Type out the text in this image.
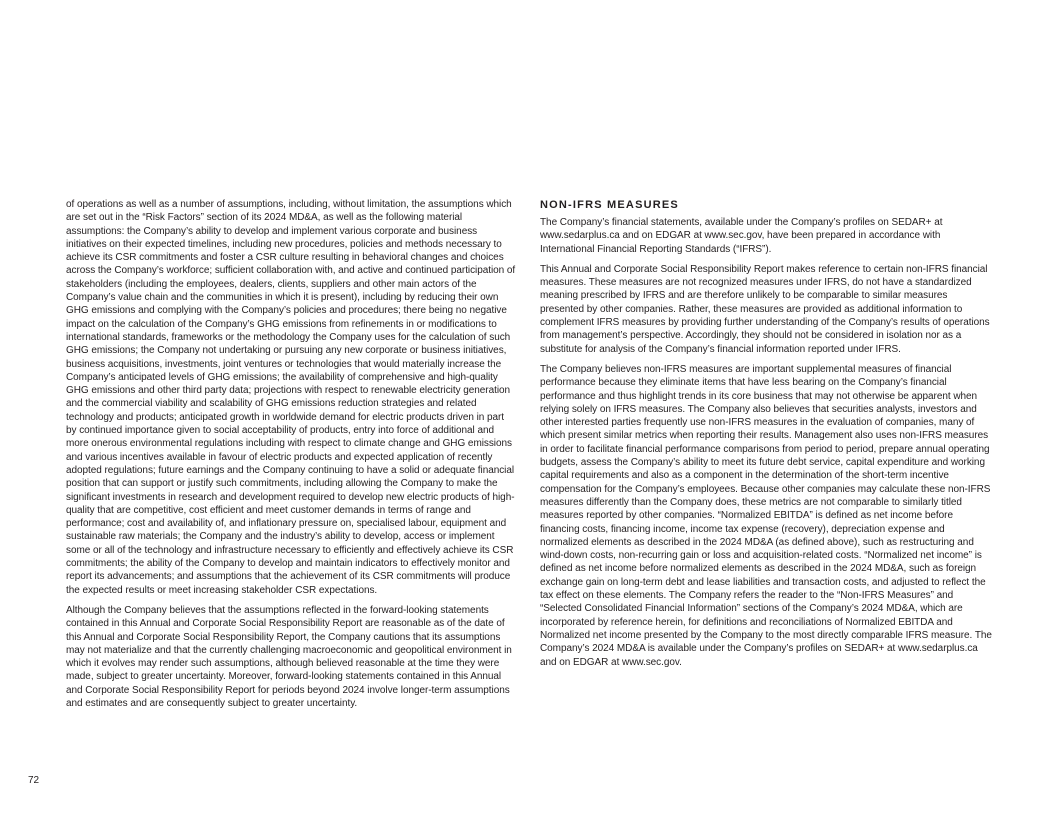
of operations as well as a number of assumptions, including, without limitation, the assumptions which are set out in the “Risk Factors” section of its 2024 MD&A, as well as the following material assumptions: the Company’s ability to develop and implement various corporate and business initiatives on their expected timelines, including new procedures, policies and methods necessary to achieve its CSR commitments and foster a CSR culture resulting in behavioral changes and choices across the Company’s workforce; sufficient collaboration with, and active and continued participation of stakeholders (including the employees, dealers, clients, suppliers and other main actors of the Company’s value chain and the communities in which it is present), including by reducing their own GHG emissions and complying with the Company’s policies and procedures; there being no negative impact on the calculation of the Company’s GHG emissions from refinements in or modifications to international standards, frameworks or the methodology the Company uses for the calculation of such GHG emissions; the Company not undertaking or pursuing any new corporate or business initiatives, business acquisitions, investments, joint ventures or technologies that would materially increase the Company’s anticipated levels of GHG emissions; the availability of comprehensive and high-quality GHG emissions and other third party data; projections with respect to renewable electricity generation and the commercial viability and scalability of GHG emissions reduction strategies and related technology and products; anticipated growth in worldwide demand for electric products driven in part by continued importance given to social acceptability of products, entry into force of additional and more onerous environmental regulations including with respect to climate change and GHG emissions and various incentives available in favour of electric products and expected application of recently adopted regulations; future earnings and the Company continuing to have a solid or adequate financial position that can support or justify such commitments, including allowing the Company to make the significant investments in research and development required to develop new electric products of high-quality that are competitive, cost efficient and meet customer demands in terms of range and performance; cost and availability of, and inflationary pressure on, specialised labour, equipment and sustainable raw materials; the Company and the industry’s ability to develop, access or implement some or all of the technology and infrastructure necessary to efficiently and effectively achieve its CSR commitments; the ability of the Company to develop and maintain indicators to effectively monitor and report its advancements; and assumptions that the achievement of its CSR commitments will produce the expected results or meet increasing stakeholder CSR expectations.

Although the Company believes that the assumptions reflected in the forward-looking statements contained in this Annual and Corporate Social Responsibility Report are reasonable as of the date of this Annual and Corporate Social Responsibility Report, the Company cautions that its assumptions may not materialize and that the currently challenging macroeconomic and geopolitical environment in which it evolves may render such assumptions, although believed reasonable at the time they were made, subject to greater uncertainty. Moreover, forward-looking statements contained in this Annual and Corporate Social Responsibility Report for periods beyond 2024 involve longer-term assumptions and estimates and are consequently subject to greater uncertainty.

NON-IFRS MEASURES

The Company’s financial statements, available under the Company’s profiles on SEDAR+ at www.sedarplus.ca and on EDGAR at www.sec.gov, have been prepared in accordance with International Financial Reporting Standards (“IFRS”).

This Annual and Corporate Social Responsibility Report makes reference to certain non-IFRS financial measures. These measures are not recognized measures under IFRS, do not have a standardized meaning prescribed by IFRS and are therefore unlikely to be comparable to similar measures presented by other companies. Rather, these measures are provided as additional information to complement IFRS measures by providing further understanding of the Company’s results of operations from management’s perspective. Accordingly, they should not be considered in isolation nor as a substitute for analysis of the Company’s financial information reported under IFRS.

The Company believes non-IFRS measures are important supplemental measures of financial performance because they eliminate items that have less bearing on the Company’s financial performance and thus highlight trends in its core business that may not otherwise be apparent when relying solely on IFRS measures. The Company also believes that securities analysts, investors and other interested parties frequently use non-IFRS measures in the evaluation of companies, many of which present similar metrics when reporting their results. Management also uses non-IFRS measures in order to facilitate financial performance comparisons from period to period, prepare annual operating budgets, assess the Company’s ability to meet its future debt service, capital expenditure and working capital requirements and also as a component in the determination of the short-term incentive compensation for the Company’s employees. Because other companies may calculate these non-IFRS measures differently than the Company does, these metrics are not comparable to similarly titled measures reported by other companies. “Normalized EBITDA” is defined as net income before financing costs, financing income, income tax expense (recovery), depreciation expense and normalized elements as described in the 2024 MD&A (as defined above), such as restructuring and wind-down costs, non-recurring gain or loss and acquisition-related costs. “Normalized net income” is defined as net income before normalized elements as described in the 2024 MD&A, such as foreign exchange gain on long-term debt and lease liabilities and transaction costs, and adjusted to reflect the tax effect on these elements. The Company refers the reader to the “Non-IFRS Measures” and “Selected Consolidated Financial Information” sections of the Company’s 2024 MD&A, which are incorporated by reference herein, for definitions and reconciliations of Normalized EBITDA and Normalized net income presented by the Company to the most directly comparable IFRS measure. The Company’s 2024 MD&A is available under the Company’s profiles on SEDAR+ at www.sedarplus.ca and on EDGAR at www.sec.gov.

72
